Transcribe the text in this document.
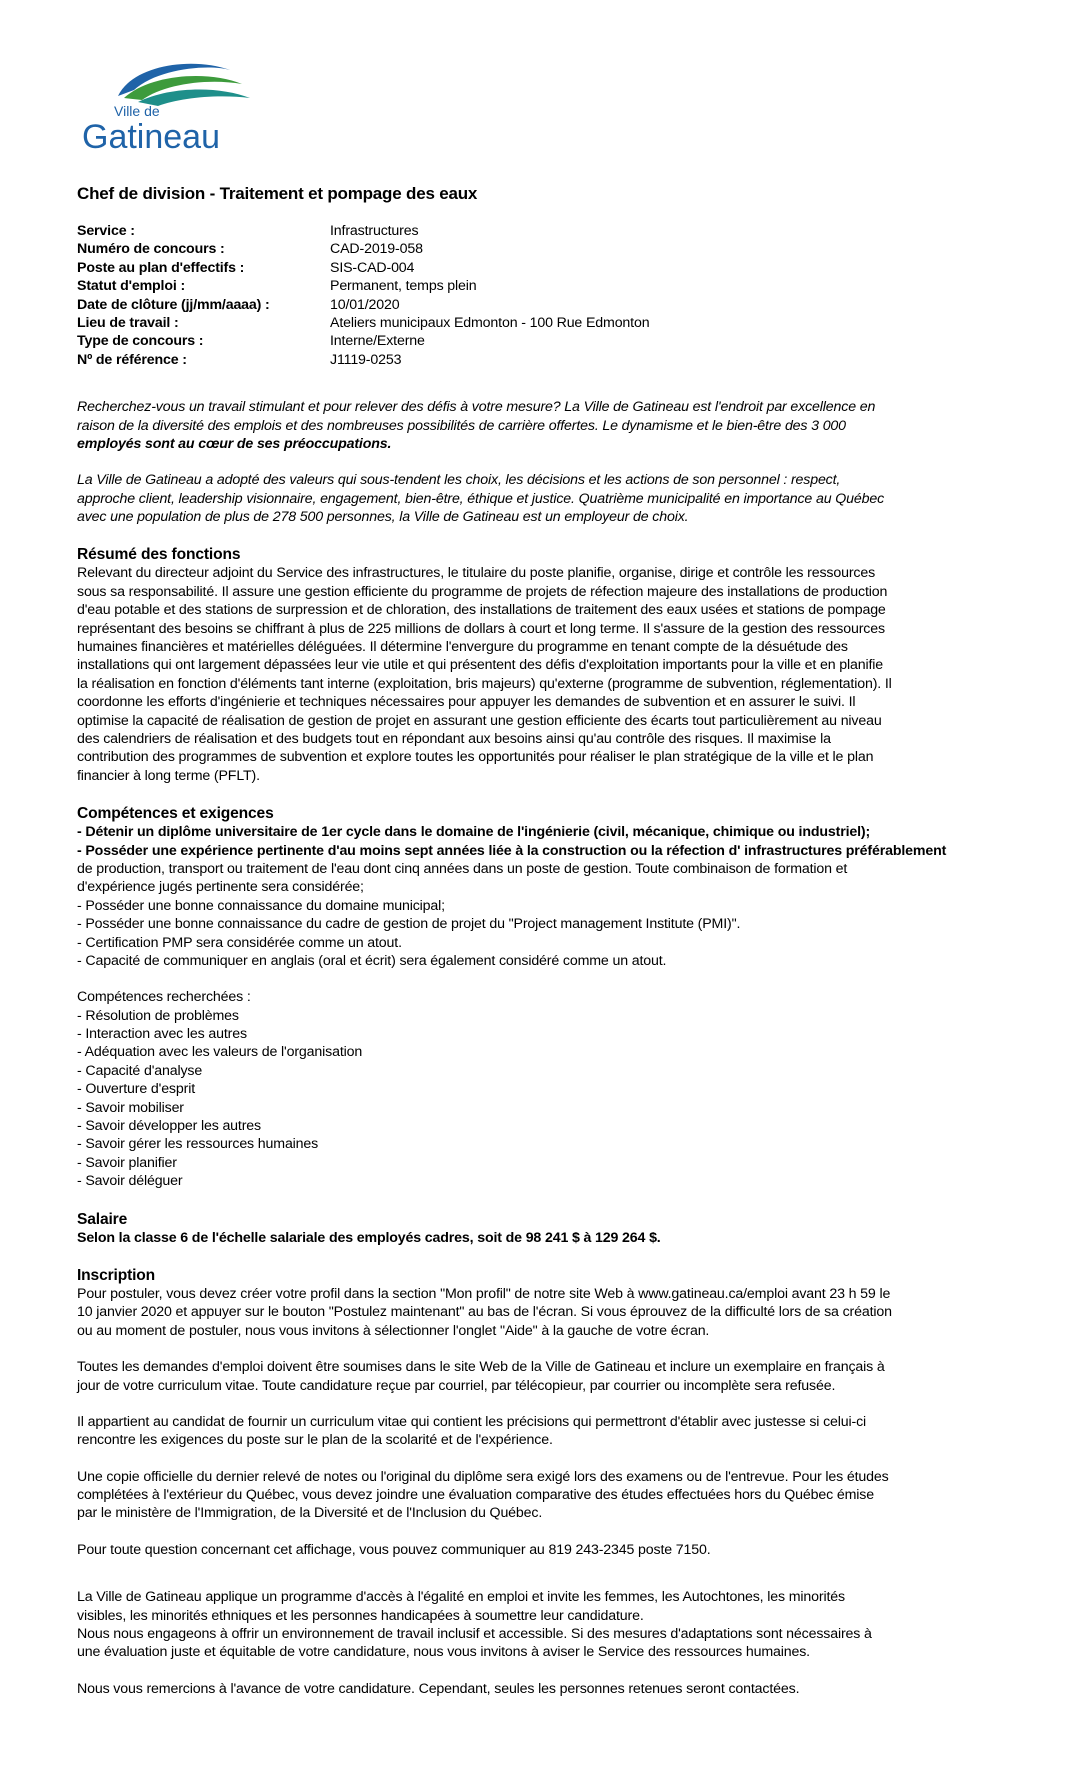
Ville de
Gatineau
Chef de division - Traitement et pompage des eaux
Service :	Infrastructures
Numéro de concours :	CAD-2019-058
Poste au plan d'effectifs :	SIS-CAD-004
Statut d'emploi :	Permanent, temps plein
Date de clôture (jj/mm/aaaa) :	10/01/2020
Lieu de travail :	Ateliers municipaux Edmonton - 100 Rue Edmonton
Type de concours :	Interne/Externe
Nº de référence :	J1119-0253
Recherchez-vous un travail stimulant et pour relever des défis à votre mesure? La Ville de Gatineau est l'endroit par excellence en
raison de la diversité des emplois et des nombreuses possibilités de carrière offertes. Le dynamisme et le bien-être des 3 000
employés sont au cœur de ses préoccupations.
La Ville de Gatineau a adopté des valeurs qui sous-tendent les choix, les décisions et les actions de son personnel : respect,
approche client, leadership visionnaire, engagement, bien-être, éthique et justice. Quatrième municipalité en importance au Québec
avec une population de plus de 278 500 personnes, la Ville de Gatineau est un employeur de choix.
Résumé des fonctions
Relevant du directeur adjoint du Service des infrastructures, le titulaire du poste planifie, organise, dirige et contrôle les ressources
sous sa responsabilité. Il assure une gestion efficiente du programme de projets de réfection majeure des installations de production
d'eau potable et des stations de surpression et de chloration, des installations de traitement des eaux usées et stations de pompage
représentant des besoins se chiffrant à plus de 225 millions de dollars à court et long terme. Il s'assure de la gestion des ressources
humaines financières et matérielles déléguées. Il détermine l'envergure du programme en tenant compte de la désuétude des
installations qui ont largement dépassées leur vie utile et qui présentent des défis d'exploitation importants pour la ville et en planifie
la réalisation en fonction d'éléments tant interne (exploitation, bris majeurs) qu'externe (programme de subvention, réglementation). Il
coordonne les efforts d'ingénierie et techniques nécessaires pour appuyer les demandes de subvention et en assurer le suivi. Il
optimise la capacité de réalisation de gestion de projet en assurant une gestion efficiente des écarts tout particulièrement au niveau
des calendriers de réalisation et des budgets tout en répondant aux besoins ainsi qu'au contrôle des risques. Il maximise la
contribution des programmes de subvention et explore toutes les opportunités pour réaliser le plan stratégique de la ville et le plan
financier à long terme (PFLT).
Compétences et exigences
- Détenir un diplôme universitaire de 1er cycle dans le domaine de l'ingénierie (civil, mécanique, chimique ou industriel);
- Posséder une expérience pertinente d'au moins sept années liée à la construction ou la réfection d' infrastructures préférablement
de production, transport ou traitement de l'eau dont cinq années dans un poste de gestion. Toute combinaison de formation et
d'expérience jugés pertinente sera considérée;
- Posséder une bonne connaissance du domaine municipal;
- Posséder une bonne connaissance du cadre de gestion de projet du "Project management Institute (PMI)".
- Certification PMP sera considérée comme un atout.
- Capacité de communiquer en anglais (oral et écrit) sera également considéré comme un atout.
Compétences recherchées :
- Résolution de problèmes
- Interaction avec les autres
- Adéquation avec les valeurs de l'organisation
- Capacité d'analyse
- Ouverture d'esprit
- Savoir mobiliser
- Savoir développer les autres
- Savoir gérer les ressources humaines
- Savoir planifier
- Savoir déléguer
Salaire
Selon la classe 6 de l'échelle salariale des employés cadres, soit de 98 241 $ à 129 264 $.
Inscription
Pour postuler, vous devez créer votre profil dans la section "Mon profil" de notre site Web à www.gatineau.ca/emploi avant 23 h 59 le
10 janvier 2020 et appuyer sur le bouton "Postulez maintenant" au bas de l'écran. Si vous éprouvez de la difficulté lors de sa création
ou au moment de postuler, nous vous invitons à sélectionner l'onglet "Aide" à la gauche de votre écran.
Toutes les demandes d'emploi doivent être soumises dans le site Web de la Ville de Gatineau et inclure un exemplaire en français à
jour de votre curriculum vitae. Toute candidature reçue par courriel, par télécopieur, par courrier ou incomplète sera refusée.
Il appartient au candidat de fournir un curriculum vitae qui contient les précisions qui permettront d'établir avec justesse si celui-ci
rencontre les exigences du poste sur le plan de la scolarité et de l'expérience.
Une copie officielle du dernier relevé de notes ou l'original du diplôme sera exigé lors des examens ou de l'entrevue. Pour les études
complétées à l'extérieur du Québec, vous devez joindre une évaluation comparative des études effectuées hors du Québec émise
par le ministère de l'Immigration, de la Diversité et de l'Inclusion du Québec.
Pour toute question concernant cet affichage, vous pouvez communiquer au 819 243-2345 poste 7150.
La Ville de Gatineau applique un programme d'accès à l'égalité en emploi et invite les femmes, les Autochtones, les minorités
visibles, les minorités ethniques et les personnes handicapées à soumettre leur candidature.
Nous nous engageons à offrir un environnement de travail inclusif et accessible. Si des mesures d'adaptations sont nécessaires à
une évaluation juste et équitable de votre candidature, nous vous invitons à aviser le Service des ressources humaines.
Nous vous remercions à l'avance de votre candidature. Cependant, seules les personnes retenues seront contactées.
